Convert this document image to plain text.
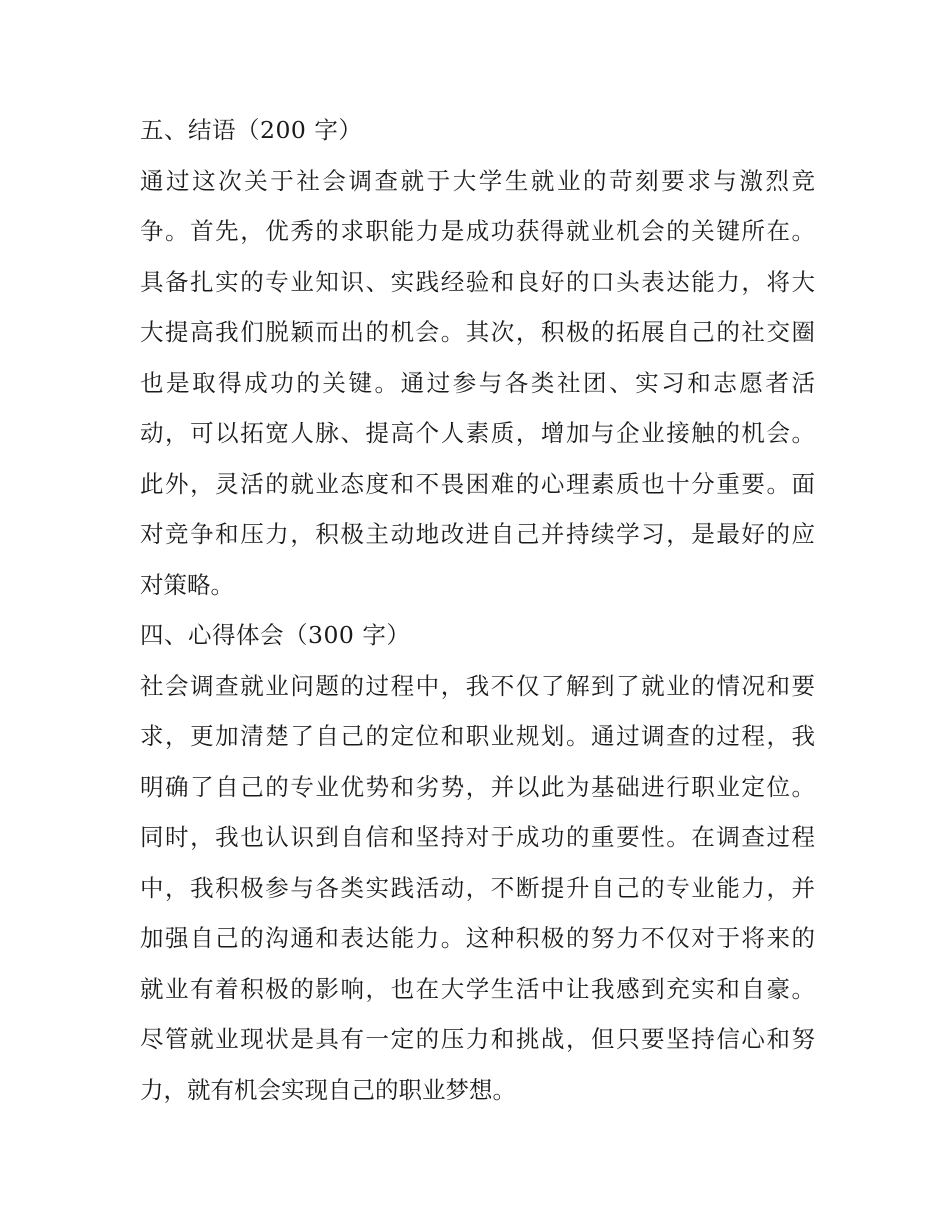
五、结语（200 字）
通过这次关于社会调查就于大学生就业的苛刻要求与激烈竞
争。首先，优秀的求职能力是成功获得就业机会的关键所在。
具备扎实的专业知识、实践经验和良好的口头表达能力，将大
大提高我们脱颖而出的机会。其次，积极的拓展自己的社交圈
也是取得成功的关键。通过参与各类社团、实习和志愿者活
动，可以拓宽人脉、提高个人素质，增加与企业接触的机会。
此外，灵活的就业态度和不畏困难的心理素质也十分重要。面
对竞争和压力，积极主动地改进自己并持续学习，是最好的应
对策略。
四、心得体会（300 字）
社会调查就业问题的过程中，我不仅了解到了就业的情况和要
求，更加清楚了自己的定位和职业规划。通过调查的过程，我
明确了自己的专业优势和劣势，并以此为基础进行职业定位。
同时，我也认识到自信和坚持对于成功的重要性。在调查过程
中，我积极参与各类实践活动，不断提升自己的专业能力，并
加强自己的沟通和表达能力。这种积极的努力不仅对于将来的
就业有着积极的影响，也在大学生活中让我感到充实和自豪。
尽管就业现状是具有一定的压力和挑战，但只要坚持信心和努
力，就有机会实现自己的职业梦想。
